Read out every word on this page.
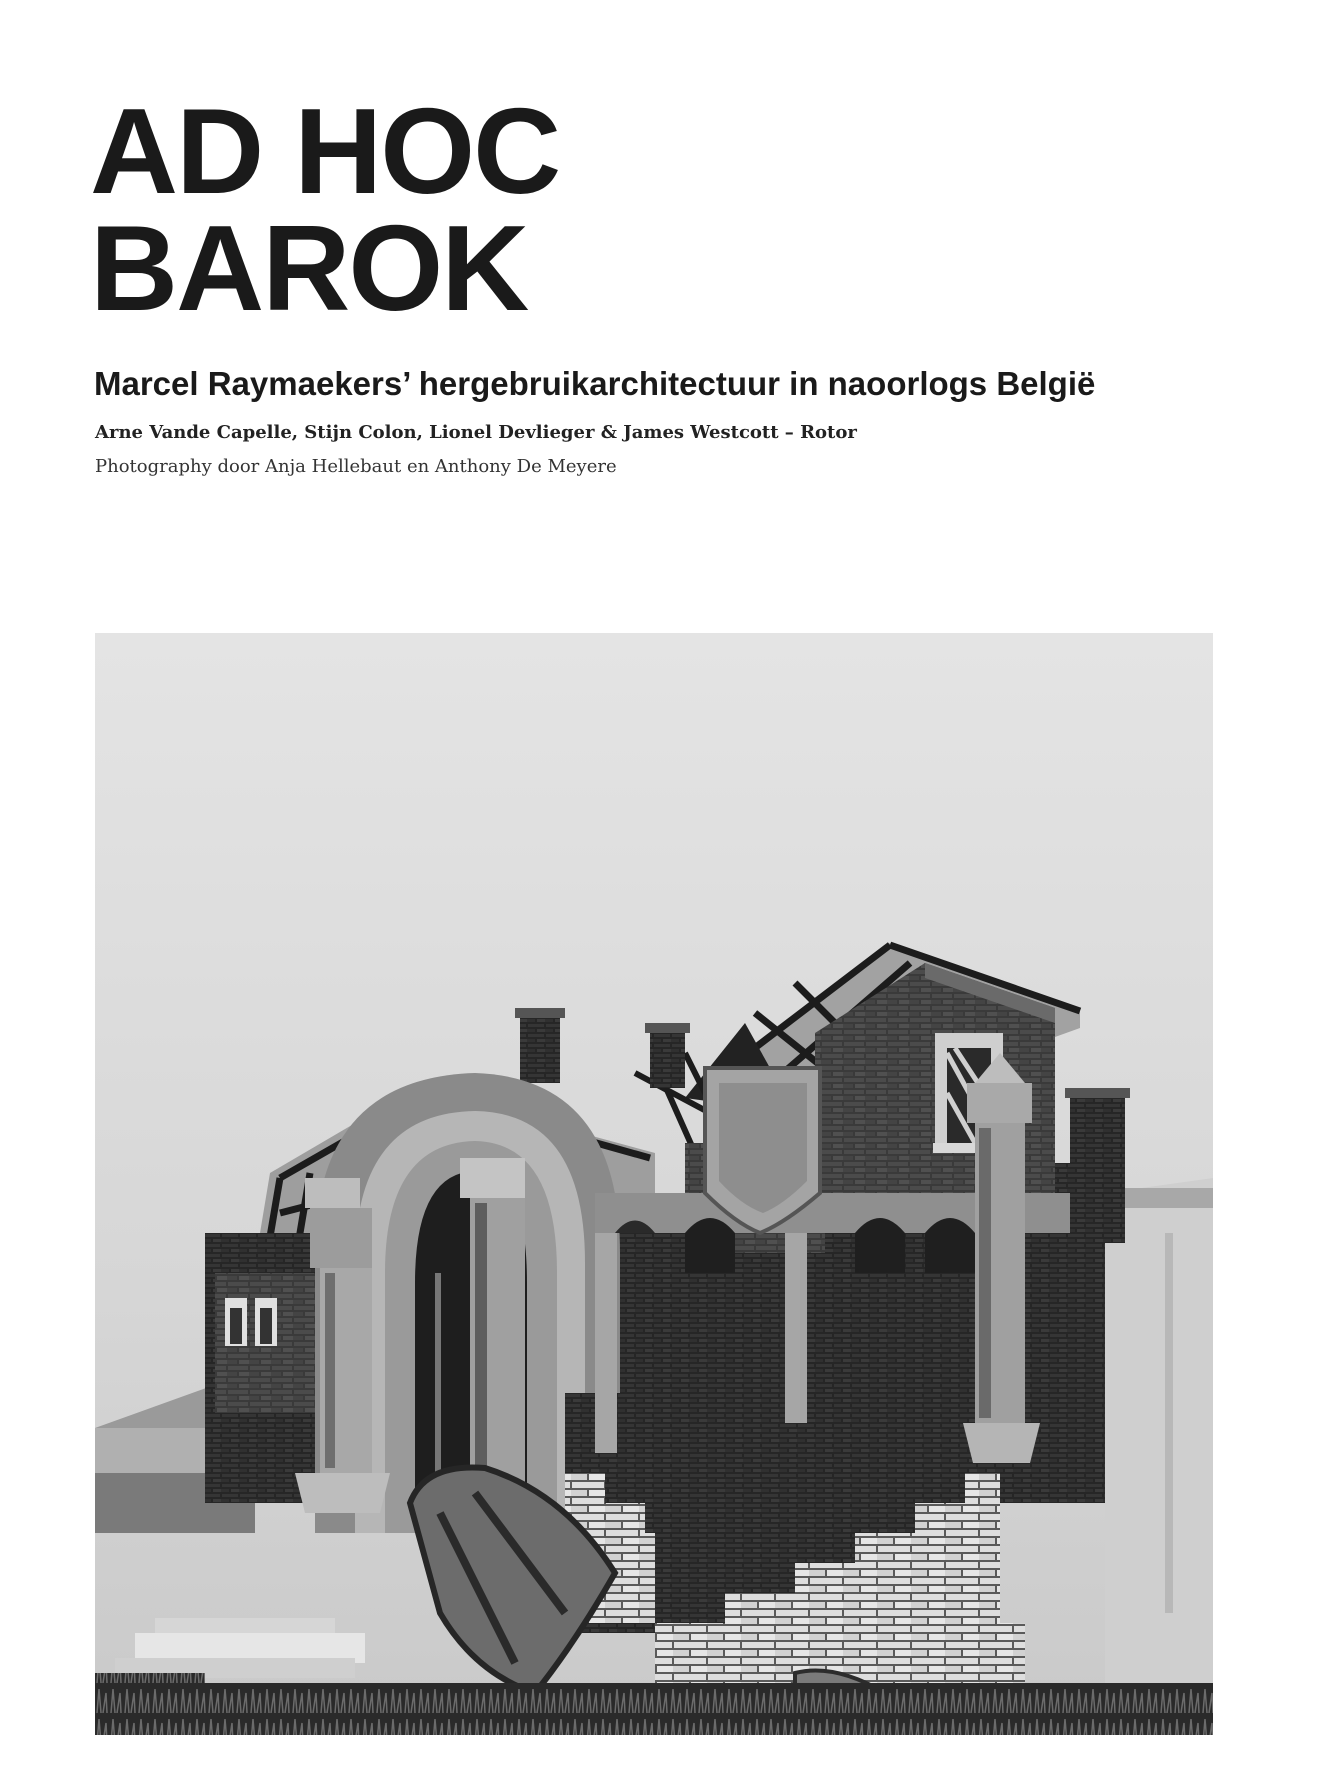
AD HOC
BAROK
Marcel Raymaekers’ hergebruikarchitectuur in naoorlogs België
Arne Vande Capelle, Stijn Colon, Lionel Devlieger & James Westcott – Rotor
Photography door Anja Hellebaut en Anthony De Meyere
